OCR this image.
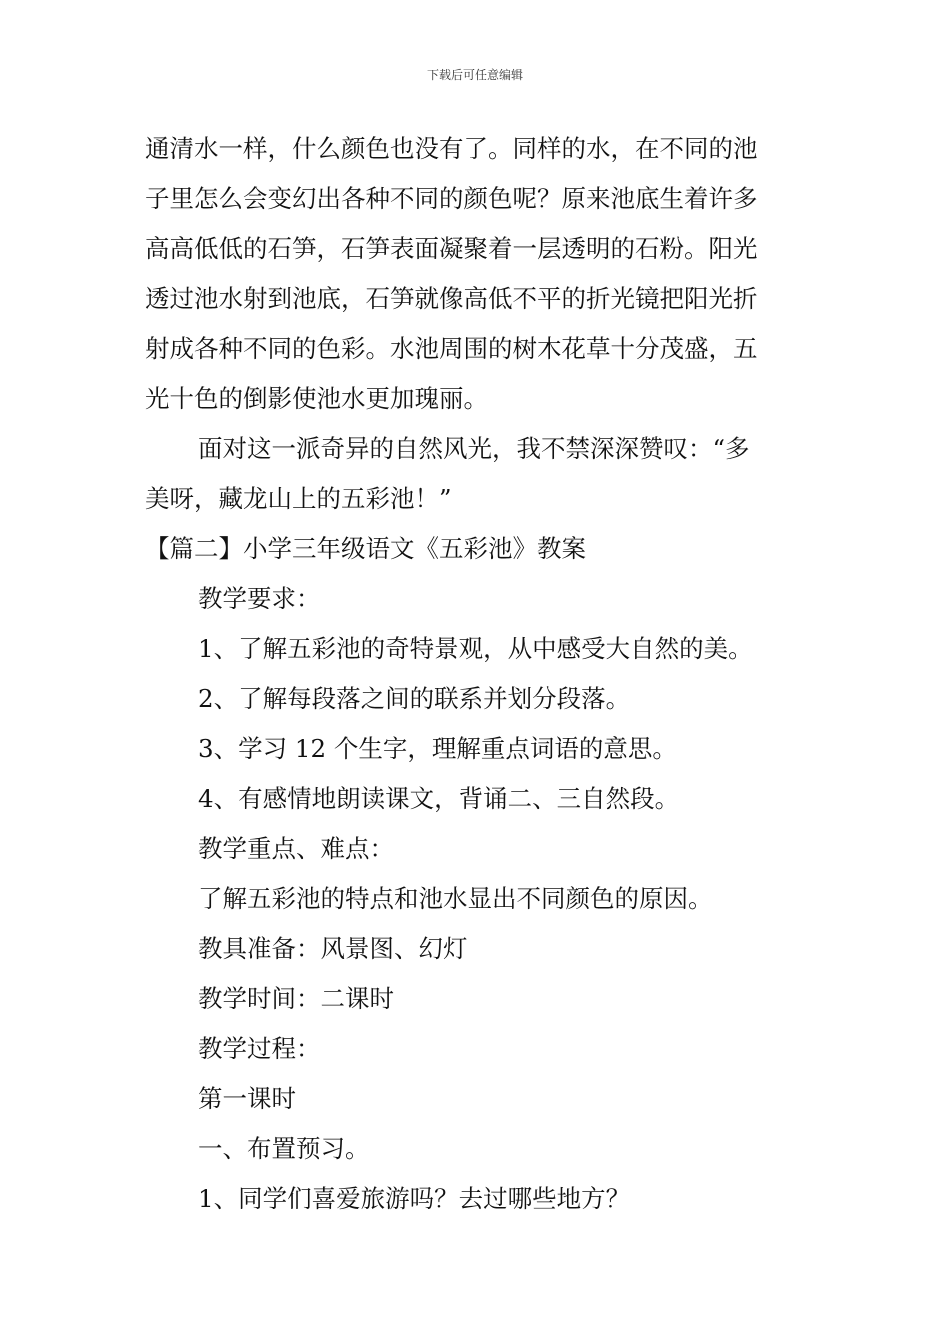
下载后可任意编辑
通清水一样，什么颜色也没有了。同样的水，在不同的池
子里怎么会变幻出各种不同的颜色呢？原来池底生着许多
高高低低的石笋，石笋表面凝聚着一层透明的石粉。阳光
透过池水射到池底，石笋就像高低不平的折光镜把阳光折
射成各种不同的色彩。水池周围的树木花草十分茂盛，五
光十色的倒影使池水更加瑰丽。
面对这一派奇异的自然风光，我不禁深深赞叹：“多
美呀，藏龙山上的五彩池！”
【篇二】小学三年级语文《五彩池》教案
教学要求：
1、了解五彩池的奇特景观，从中感受大自然的美。
2、了解每段落之间的联系并划分段落。
3、学习 12 个生字，理解重点词语的意思。
4、有感情地朗读课文，背诵二、三自然段。
教学重点、难点：
了解五彩池的特点和池水显出不同颜色的原因。
教具准备：风景图、幻灯
教学时间：二课时
教学过程：
第一课时
一、布置预习。
1、同学们喜爱旅游吗？去过哪些地方？
